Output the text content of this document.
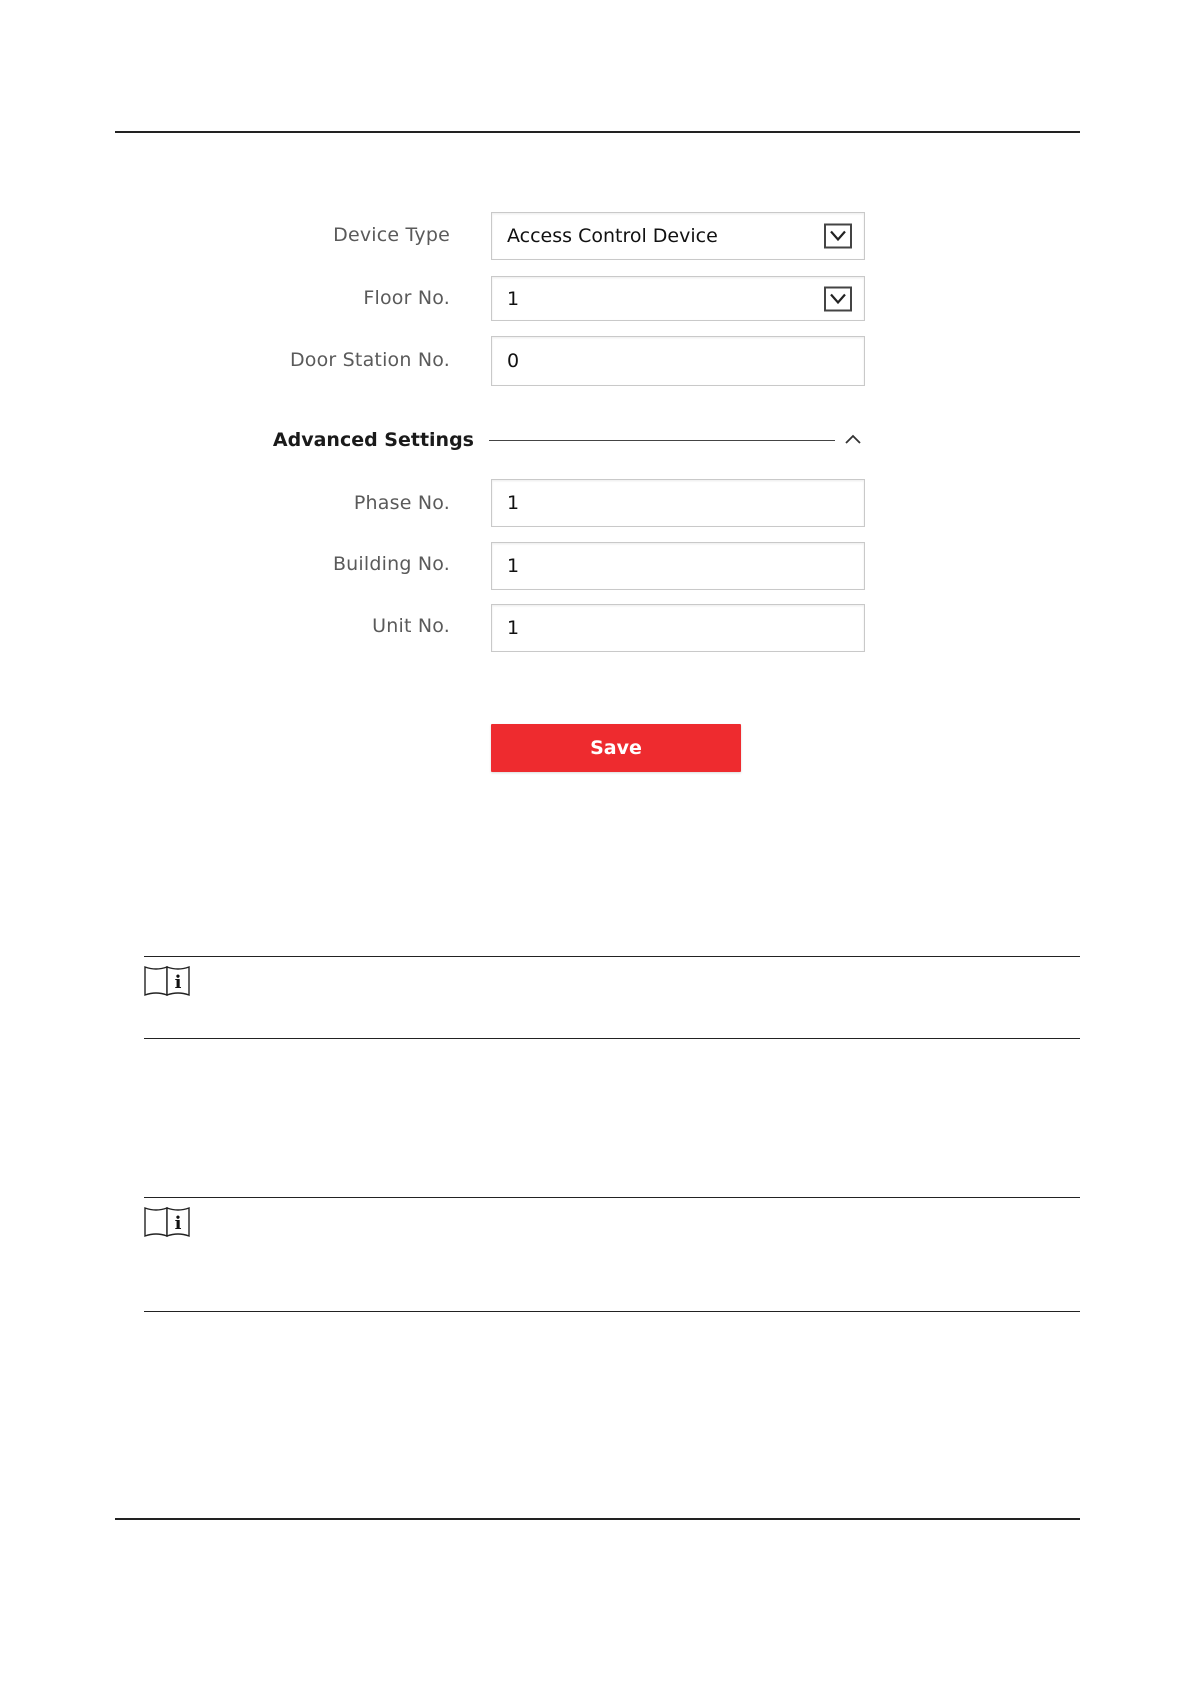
Device Type	Access Control Device
Floor No.	1
Door Station No.	0
Advanced Settings
Phase No.	1
Building No.	1
Unit No.	1
Save
i
i
